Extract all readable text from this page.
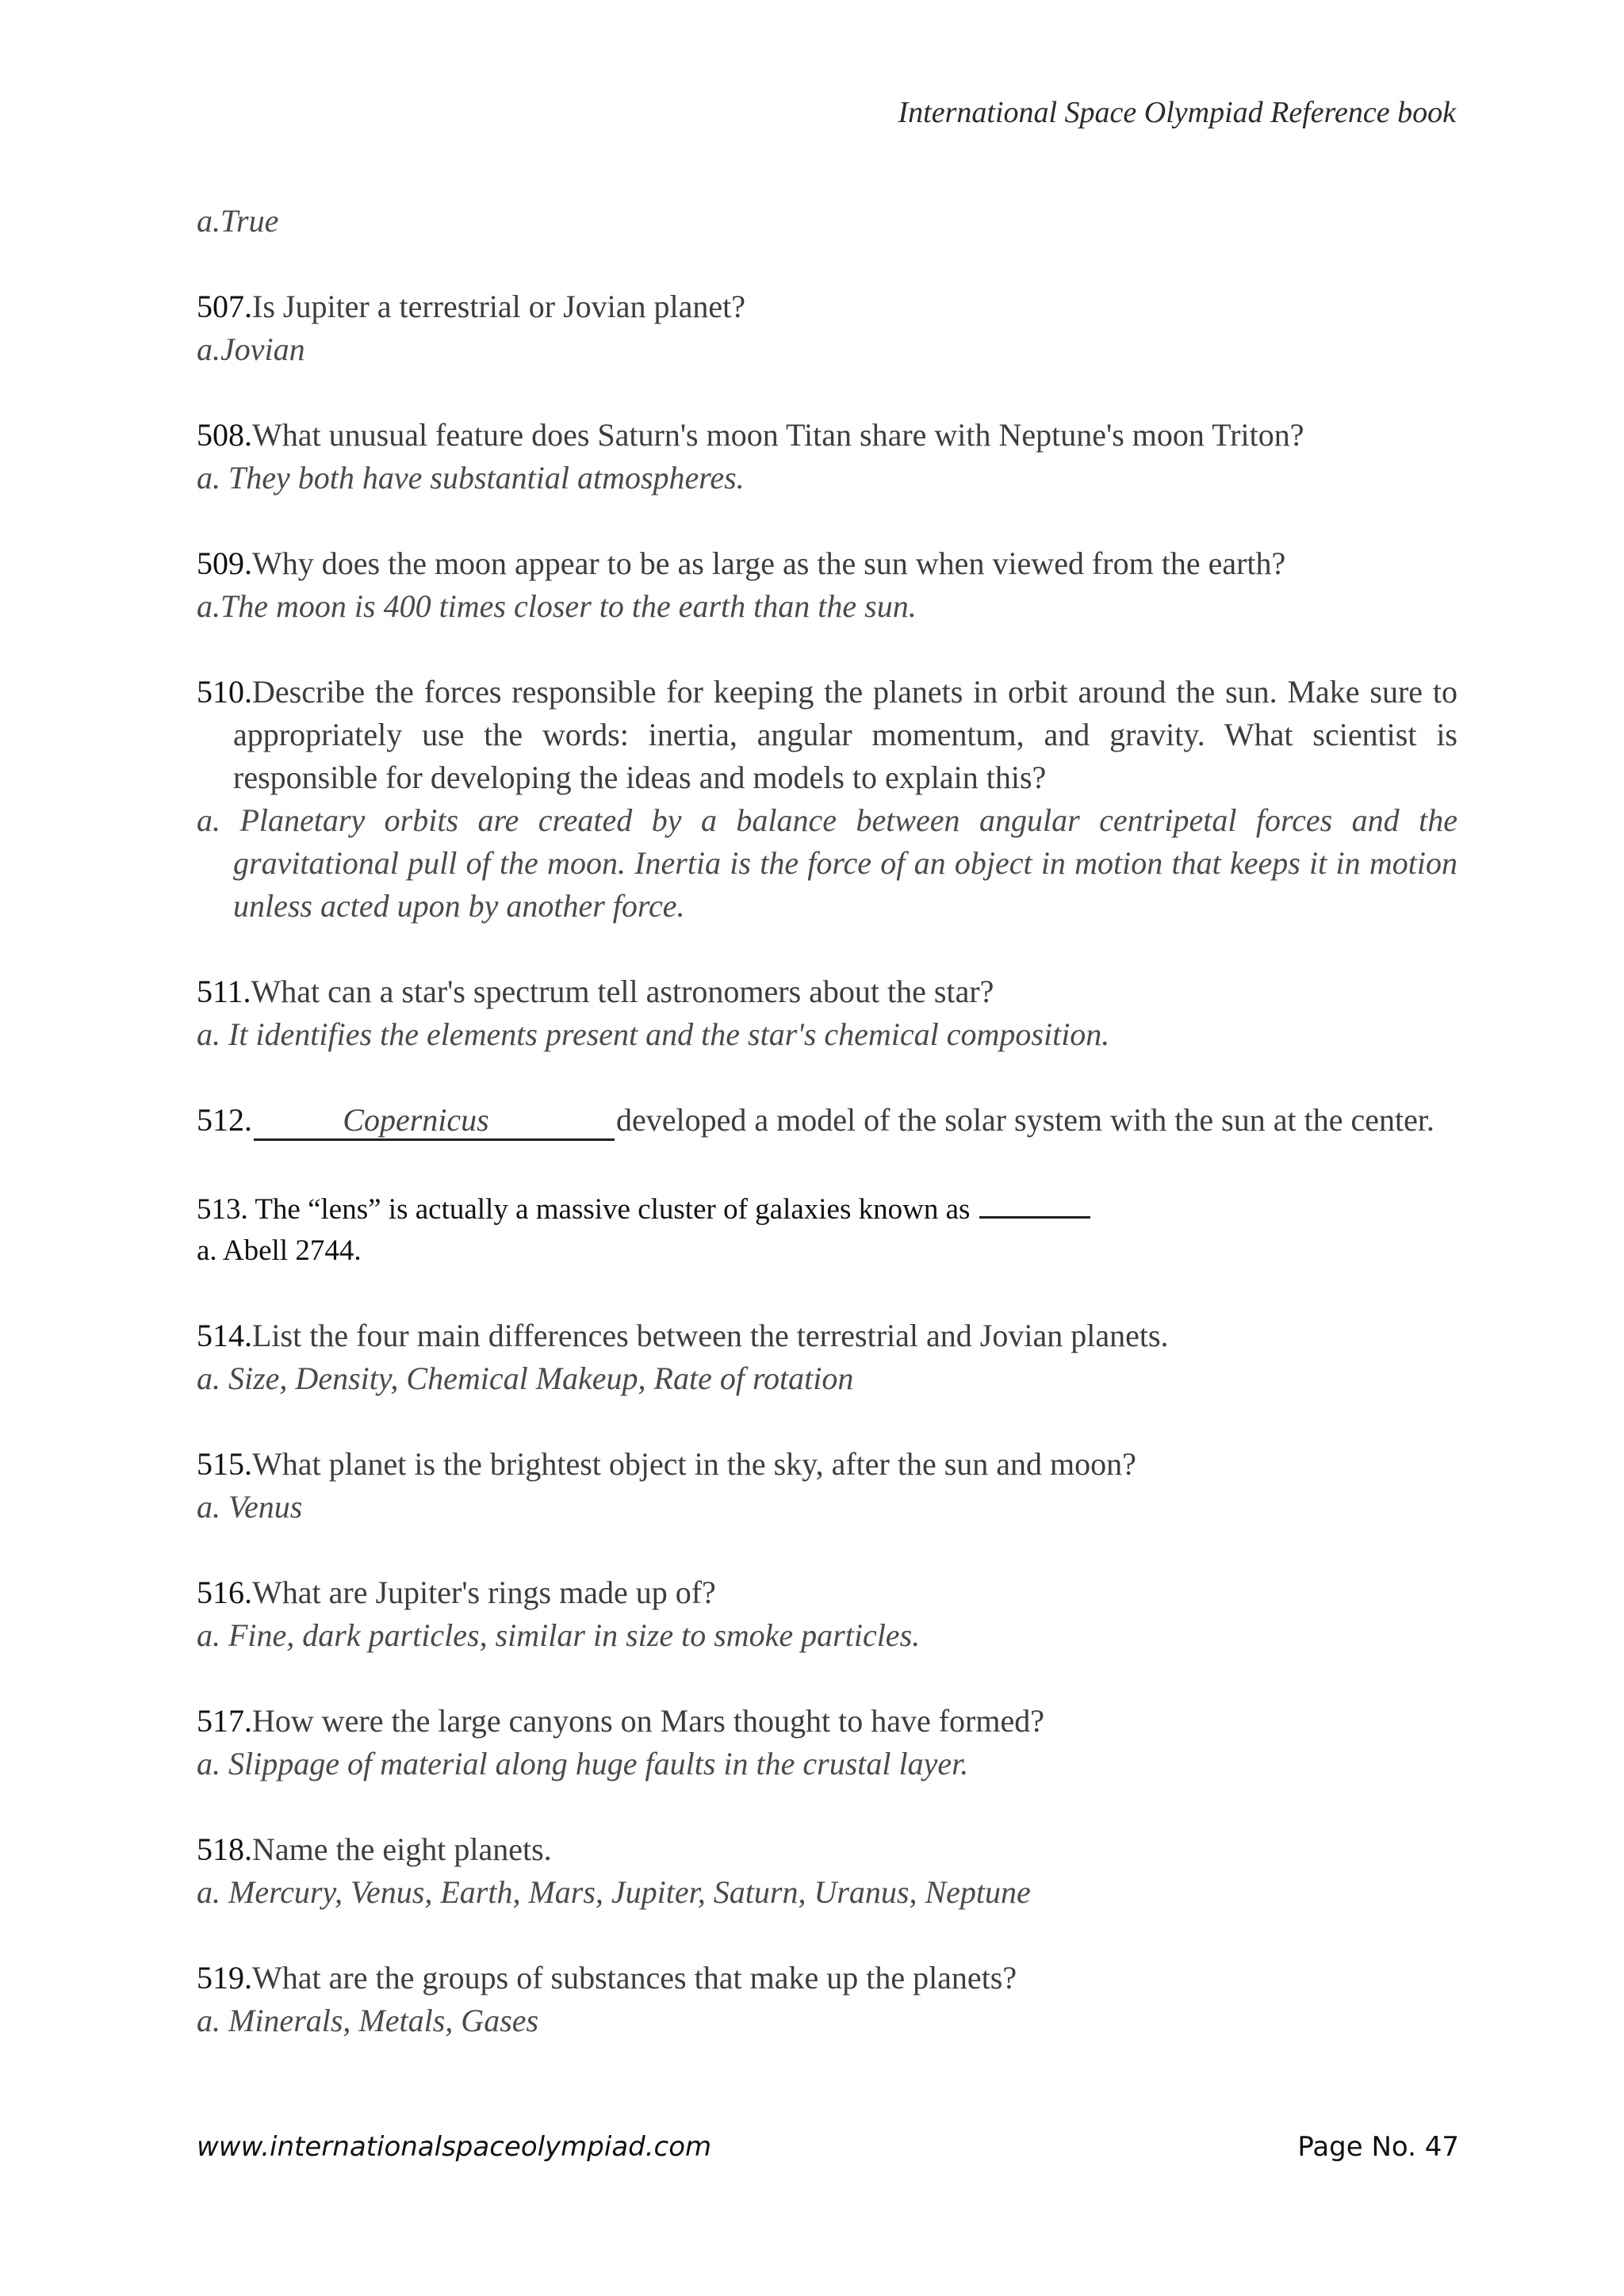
International Space Olympiad Reference book
a.True
507.Is Jupiter a terrestrial or Jovian planet?
a.Jovian
508.What unusual feature does Saturn's moon Titan share with Neptune's moon Triton?
a. They both have substantial atmospheres.
509.Why does the moon appear to be as large as the sun when viewed from the earth?
a.The moon is 400 times closer to the earth than the sun.
510.Describe the forces responsible for keeping the planets in orbit around the sun. Make sure to appropriately use the words: inertia, angular momentum, and gravity. What scientist is responsible for developing the ideas and models to explain this?
a. Planetary orbits are created by a balance between angular centripetal forces and the gravitational pull of the moon. Inertia is the force of an object in motion that keeps it in motion unless acted upon by another force.
511.What can a star's spectrum tell astronomers about the star?
a. It identifies the elements present and the star's chemical composition.
512.	Copernicus	developed a model of the solar system with the sun at the center.
513. The “lens” is actually a massive cluster of galaxies known as
a. Abell 2744.
514.List the four main differences between the terrestrial and Jovian planets.
a. Size, Density, Chemical Makeup, Rate of rotation
515.What planet is the brightest object in the sky, after the sun and moon?
a. Venus
516.What are Jupiter's rings made up of?
a. Fine, dark particles, similar in size to smoke particles.
517.How were the large canyons on Mars thought to have formed?
a. Slippage of material along huge faults in the crustal layer.
518.Name the eight planets.
a. Mercury, Venus, Earth, Mars, Jupiter, Saturn, Uranus, Neptune
519.What are the groups of substances that make up the planets?
a. Minerals, Metals, Gases
www.internationalspaceolympiad.com	Page No. 47
